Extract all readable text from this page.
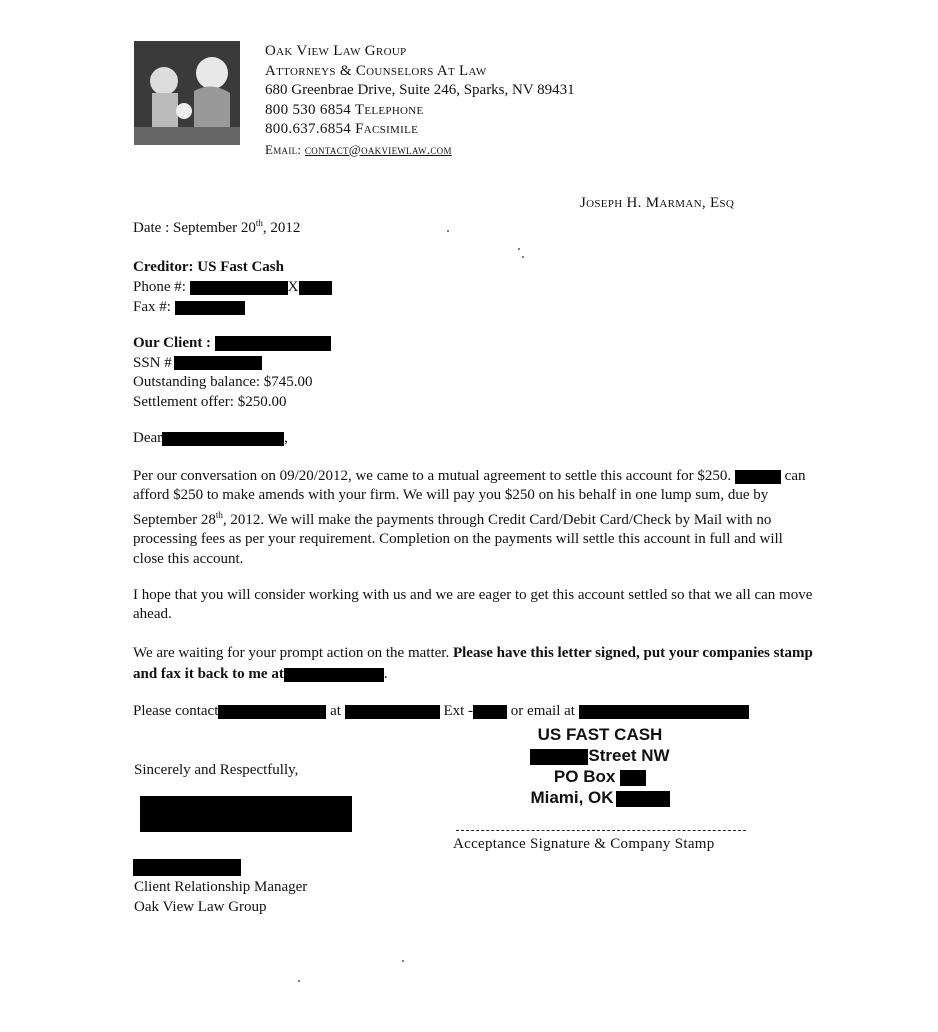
Oak View Law Group
Attorneys & Counselors At Law
680 Greenbrae Drive, Suite 246, Sparks, NV 89431
800 530 6854 Telephone
800.637.6854 Facsimile
Email: contact@oakviewlaw.com
Joseph H. Marman, Esq
Date : September 20th, 2012
Creditor: US Fast Cash
Phone #:	X
Fax #:
Our Client :
SSN #
Outstanding balance: $745.00
Settlement offer: $250.00
Dear	,
Per our conversation on 09/20/2012, we came to a mutual agreement to settle this account for $250.	can afford $250 to make amends with your firm. We will pay you $250 on his behalf in one lump sum, due by September 28th, 2012. We will make the payments through Credit Card/Debit Card/Check by Mail with no processing fees as per your requirement. Completion on the payments will settle this account in full and will close this account.
I hope that you will consider working with us and we are eager to get this account settled so that we all can move ahead.
We are waiting for your prompt action on the matter. Please have this letter signed, put your companies stamp and fax it back to me at	.
Please contact	at	Ext -	or email at
US FAST CASH
Street NW
PO Box
Miami, OK
Sincerely and Respectfully,
Acceptance Signature & Company Stamp
Client Relationship Manager
Oak View Law Group
